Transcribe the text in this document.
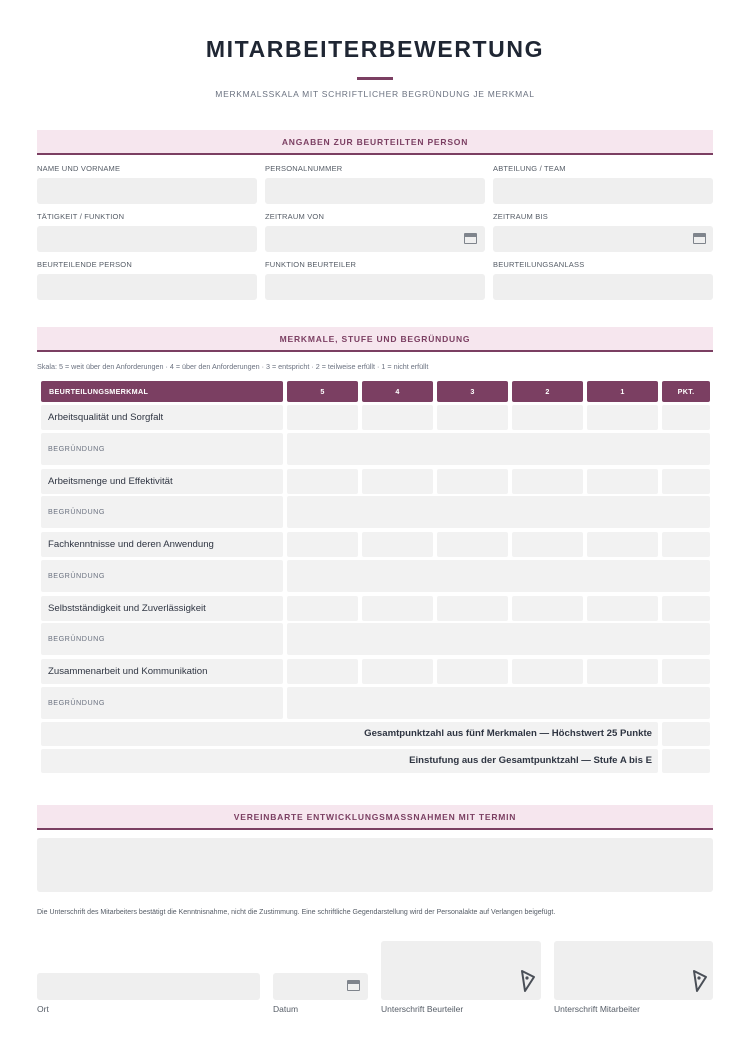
MITARBEITERBEWERTUNG
MERKMALSSKALA MIT SCHRIFTLICHER BEGRÜNDUNG JE MERKMAL
ANGABEN ZUR BEURTEILTEN PERSON
NAME UND VORNAME	PERSONALNUMMER	ABTEILUNG / TEAM
TÄTIGKEIT / FUNKTION	ZEITRAUM VON	ZEITRAUM BIS
BEURTEILENDE PERSON	FUNKTION BEURTEILER	BEURTEILUNGSANLASS
MERKMALE, STUFE UND BEGRÜNDUNG
Skala: 5 = weit über den Anforderungen · 4 = über den Anforderungen · 3 = entspricht · 2 = teilweise erfüllt · 1 = nicht erfüllt
BEURTEILUNGSMERKMAL	5	4	3	2	1	PKT.
Arbeitsqualität und Sorgfalt
BEGRÜNDUNG
Arbeitsmenge und Effektivität
BEGRÜNDUNG
Fachkenntnisse und deren Anwendung
BEGRÜNDUNG
Selbstständigkeit und Zuverlässigkeit
BEGRÜNDUNG
Zusammenarbeit und Kommunikation
BEGRÜNDUNG
Gesamtpunktzahl aus fünf Merkmalen — Höchstwert 25 Punkte
Einstufung aus der Gesamtpunktzahl — Stufe A bis E
VEREINBARTE ENTWICKLUNGSMASSNAHMEN MIT TERMIN
Die Unterschrift des Mitarbeiters bestätigt die Kenntnisnahme, nicht die Zustimmung. Eine schriftliche Gegendarstellung wird der Personalakte auf Verlangen beigefügt.
Ort	Datum	Unterschrift Beurteiler	Unterschrift Mitarbeiter
